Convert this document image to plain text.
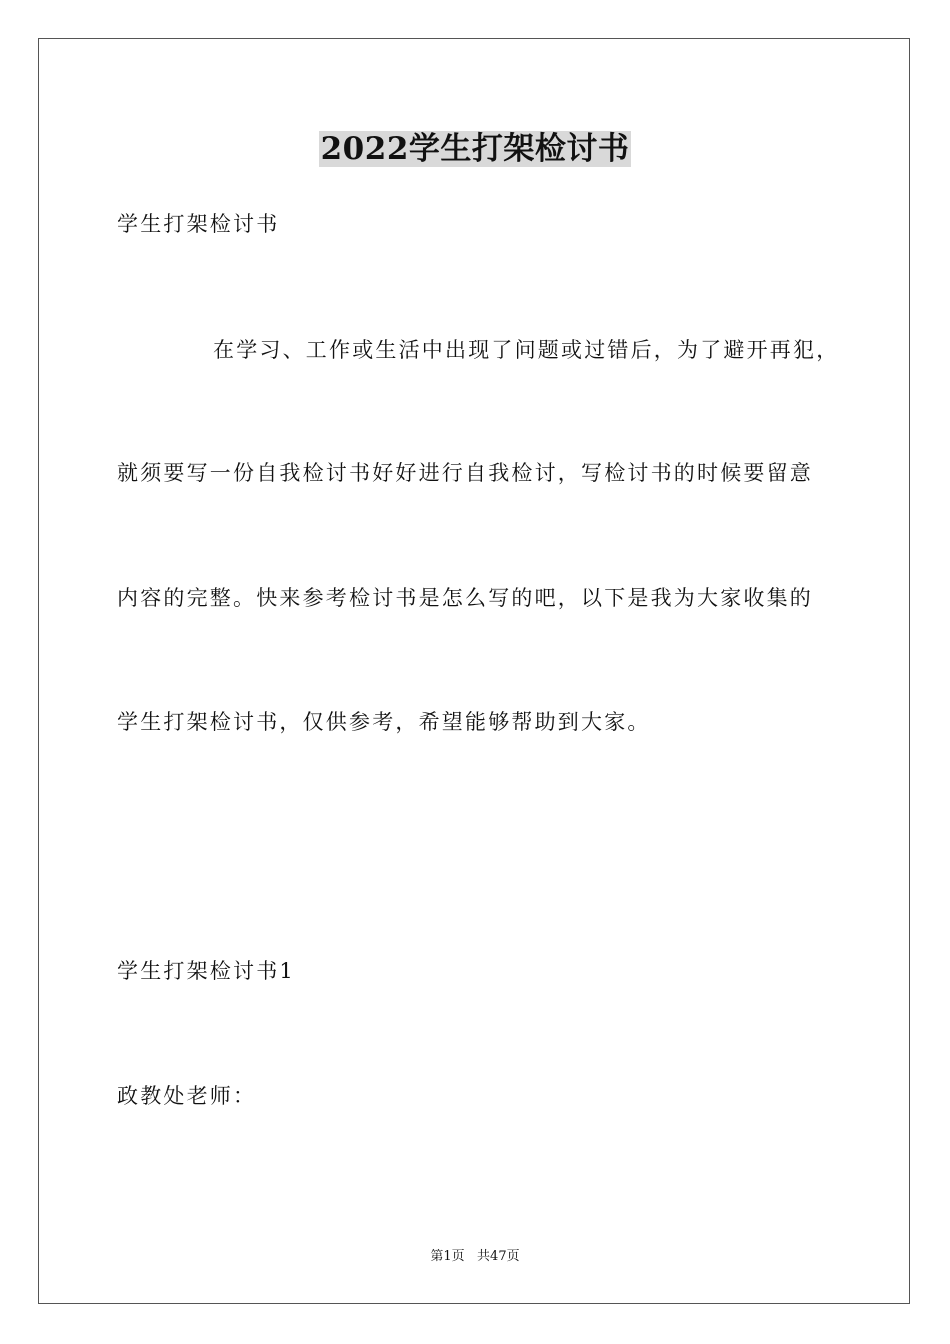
2022学生打架检讨书
学生打架检讨书
在学习、工作或生活中出现了问题或过错后，为了避开再犯，
就须要写一份自我检讨书好好进行自我检讨，写检讨书的时候要留意
内容的完整。快来参考检讨书是怎么写的吧，以下是我为大家收集的
学生打架检讨书，仅供参考，希望能够帮助到大家。
学生打架检讨书1
政教处老师：
第1页   共47页
